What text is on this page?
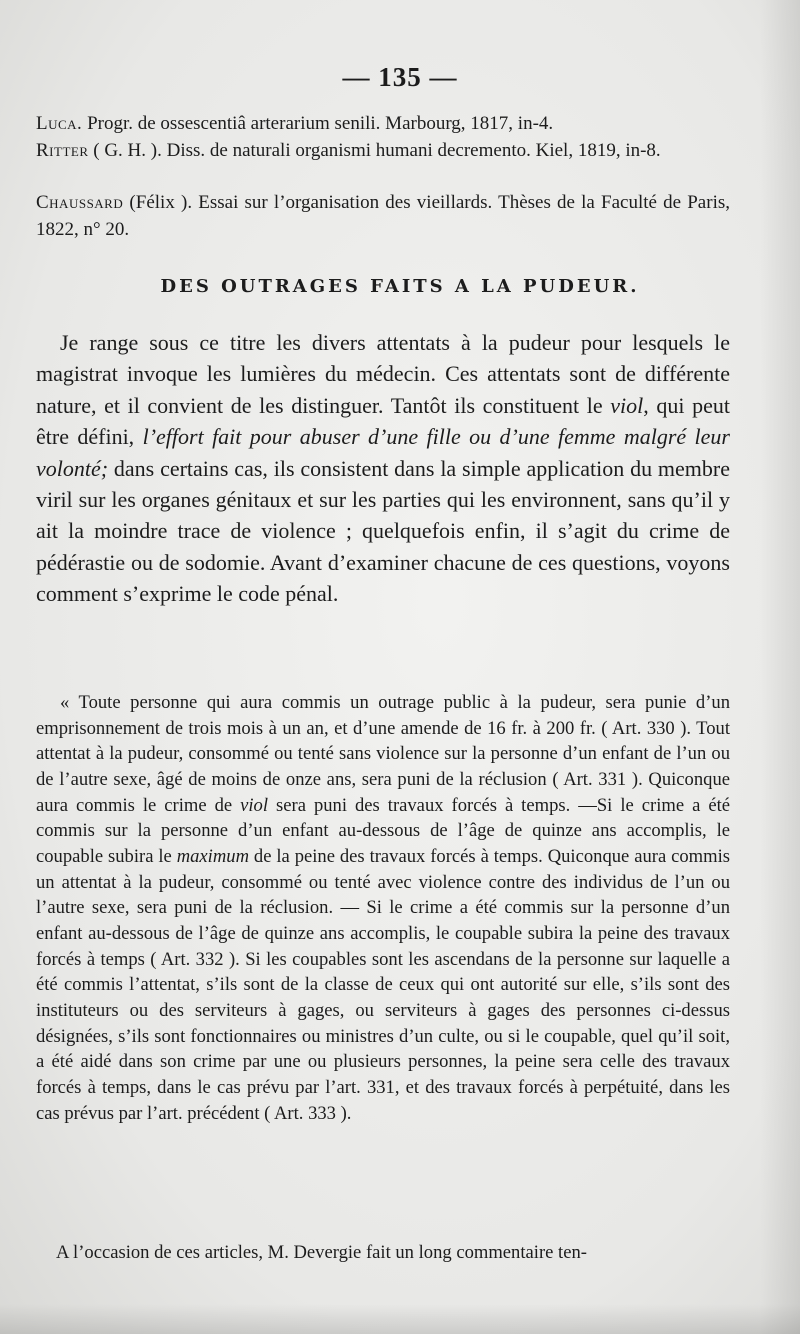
— 135 —
Luca. Progr. de ossescentiâ arterarium senili. Marbourg, 1817, in-4.
Ritter ( G. H. ). Diss. de naturali organismi humani decremento. Kiel, 1819, in-8.
Chaussard (Félix ). Essai sur l’organisation des vieillards. Thèses de la Faculté de Paris, 1822, n° 20.
DES OUTRAGES FAITS A LA PUDEUR.

Je range sous ce titre les divers attentats à la pudeur pour lesquels le magistrat invoque les lumières du médecin. Ces attentats sont de différente nature, et il convient de les distinguer. Tantôt ils constituent le viol, qui peut être défini, l’effort fait pour abuser d’une fille ou d’une femme malgré leur volonté; dans certains cas, ils consistent dans la simple application du membre viril sur les organes génitaux et sur les parties qui les environnent, sans qu’il y ait la moindre trace de violence ; quelquefois enfin, il s’agit du crime de pédérastie ou de sodomie. Avant d’examiner chacune de ces questions, voyons comment s’exprime le code pénal.

« Toute personne qui aura commis un outrage public à la pudeur, sera punie d’un emprisonnement de trois mois à un an, et d’une amende de 16 fr. à 200 fr. ( Art. 330 ). Tout attentat à la pudeur, consommé ou tenté sans violence sur la personne d’un enfant de l’un ou de l’autre sexe, âgé de moins de onze ans, sera puni de la réclusion ( Art. 331 ). Quiconque aura commis le crime de viol sera puni des travaux forcés à temps. —Si le crime a été commis sur la personne d’un enfant au-dessous de l’âge de quinze ans accomplis, le coupable subira le maximum de la peine des travaux forcés à temps. Quiconque aura commis un attentat à la pudeur, consommé ou tenté avec violence contre des individus de l’un ou l’autre sexe, sera puni de la réclusion. — Si le crime a été commis sur la personne d’un enfant au-dessous de l’âge de quinze ans accomplis, le coupable subira la peine des travaux forcés à temps ( Art. 332 ). Si les coupables sont les ascendans de la personne sur laquelle a été commis l’attentat, s’ils sont de la classe de ceux qui ont autorité sur elle, s’ils sont des instituteurs ou des serviteurs à gages, ou serviteurs à gages des personnes ci-dessus désignées, s’ils sont fonctionnaires ou ministres d’un culte, ou si le coupable, quel qu’il soit, a été aidé dans son crime par une ou plusieurs personnes, la peine sera celle des travaux forcés à temps, dans le cas prévu par l’art. 331, et des travaux forcés à perpétuité, dans les cas prévus par l’art. précédent ( Art. 333 ).

A l’occasion de ces articles, M. Devergie fait un long commentaire ten-
